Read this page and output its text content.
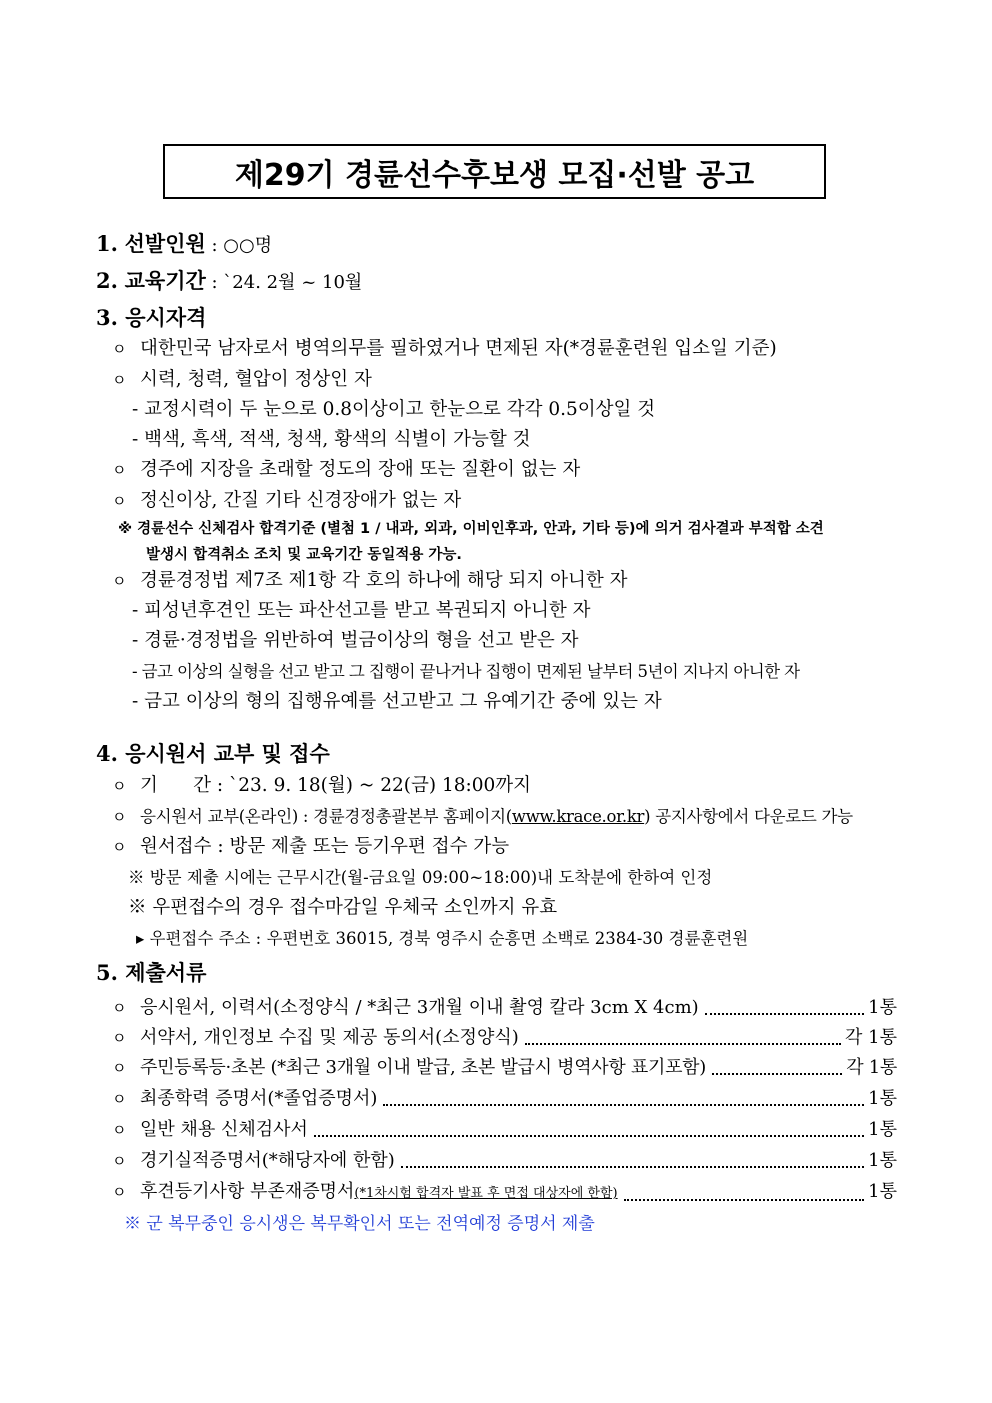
제29기 경륜선수후보생 모집·선발 공고
1. 선발인원 : ○○명
2. 교육기간 : `24. 2월 ~ 10월
3. 응시자격
ㅇ 대한민국 남자로서 병역의무를 필하였거나 면제된 자(*경륜훈련원 입소일 기준)
ㅇ 시력, 청력, 혈압이 정상인 자
- 교정시력이 두 눈으로 0.8이상이고 한눈으로 각각 0.5이상일 것
- 백색, 흑색, 적색, 청색, 황색의 식별이 가능할 것
ㅇ 경주에 지장을 초래할 정도의 장애 또는 질환이 없는 자
ㅇ 정신이상, 간질 기타 신경장애가 없는 자
※ 경륜선수 신체검사 합격기준 (별첨 1 / 내과, 외과, 이비인후과, 안과, 기타 등)에 의거 검사결과 부적합 소견
발생시 합격취소 조치 및 교육기간 동일적용 가능.
ㅇ 경륜경정법 제7조 제1항 각 호의 하나에 해당 되지 아니한 자
- 피성년후견인 또는 파산선고를 받고 복권되지 아니한 자
- 경륜·경정법을 위반하여 벌금이상의 형을 선고 받은 자
- 금고 이상의 실형을 선고 받고 그 집행이 끝나거나 집행이 면제된 날부터 5년이 지나지 아니한 자
- 금고 이상의 형의 집행유예를 선고받고 그 유예기간 중에 있는 자
4. 응시원서 교부 및 접수
ㅇ 기      간 : `23. 9. 18(월) ~ 22(금) 18:00까지
ㅇ 응시원서 교부(온라인) : 경륜경정총괄본부 홈페이지(www.krace.or.kr) 공지사항에서 다운로드 가능
ㅇ 원서접수 : 방문 제출 또는 등기우편 접수 가능
※ 방문 제출 시에는 근무시간(월-금요일 09:00~18:00)내 도착분에 한하여 인정
※ 우편접수의 경우 접수마감일 우체국 소인까지 유효
▸ 우편접수 주소 : 우편번호 36015, 경북 영주시 순흥면 소백로 2384-30 경륜훈련원
5. 제출서류
ㅇ 응시원서, 이력서(소정양식 / *최근 3개월 이내 촬영 칼라 3cm X 4cm)	1통
ㅇ 서약서, 개인정보 수집 및 제공 동의서(소정양식)	각 1통
ㅇ 주민등록등·초본 (*최근 3개월 이내 발급, 초본 발급시 병역사항 표기포함)	각 1통
ㅇ 최종학력 증명서(*졸업증명서)	1통
ㅇ 일반 채용 신체검사서	1통
ㅇ 경기실적증명서(*해당자에 한함)	1통
ㅇ 후견등기사항 부존재증명서(*1차시험 합격자 발표 후 면접 대상자에 한함)	1통
※ 군 복무중인 응시생은 복무확인서 또는 전역예정 증명서 제출
